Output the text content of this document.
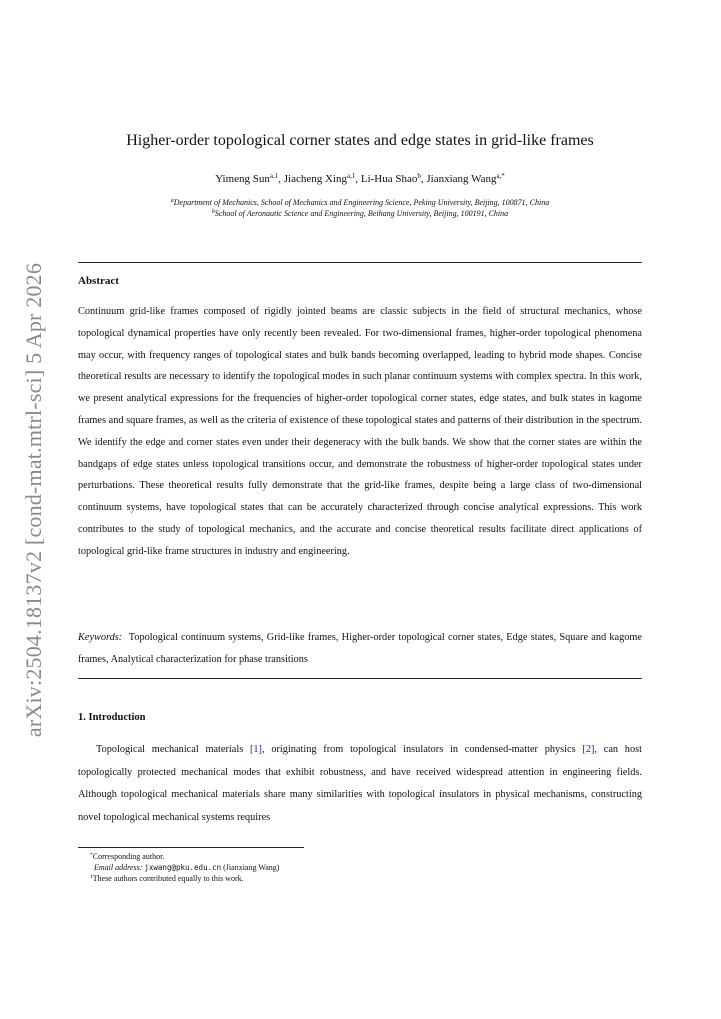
arXiv:2504.18137v2 [cond-mat.mtrl-sci] 5 Apr 2026
Higher-order topological corner states and edge states in grid-like frames
Yimeng Sun$^{a,1}$, Jiacheng Xing$^{a,1}$, Li-Hua Shao$^b$, Jianxiang Wang$^{a,*}$
$^a$Department of Mechanics, School of Mechanics and Engineering Science, Peking University, Beijing, 100871, China
$^b$School of Aeronautic Science and Engineering, Beihang University, Beijing, 100191, China
Abstract

Continuum grid-like frames composed of rigidly jointed beams are classic subjects in the field of structural mechanics, whose topological dynamical properties have only recently been revealed. For two-dimensional frames, higher-order topological phenomena may occur, with frequency ranges of topological states and bulk bands becoming overlapped, leading to hybrid mode shapes. Concise theoretical results are necessary to identify the topological modes in such planar continuum systems with complex spectra. In this work, we present analytical expressions for the frequencies of higher-order topological corner states, edge states, and bulk states in kagome frames and square frames, as well as the criteria of existence of these topological states and patterns of their distribution in the spectrum. We identify the edge and corner states even under their degeneracy with the bulk bands. We show that the corner states are within the bandgaps of edge states unless topological transitions occur, and demonstrate the robustness of higher-order topological states under perturbations. These theoretical results fully demonstrate that the grid-like frames, despite being a large class of two-dimensional continuum systems, have topological states that can be accurately characterized through concise analytical expressions. This work contributes to the study of topological mechanics, and the accurate and concise theoretical results facilitate direct applications of topological grid-like frame structures in industry and engineering.

Keywords: Topological continuum systems, Grid-like frames, Higher-order topological corner states, Edge states, Square and kagome frames, Analytical characterization for phase transitions

1. Introduction

Topological mechanical materials [1], originating from topological insulators in condensed-matter physics [2], can host topologically protected mechanical modes that exhibit robustness, and have received widespread attention in engineering fields. Although topological mechanical materials share many similarities with topological insulators in physical mechanisms, constructing novel topological mechanical systems requires

*Corresponding author.

Email address: jxwang@pku.edu.cn (Jianxiang Wang)

$^1$These authors contributed equally to this work.
